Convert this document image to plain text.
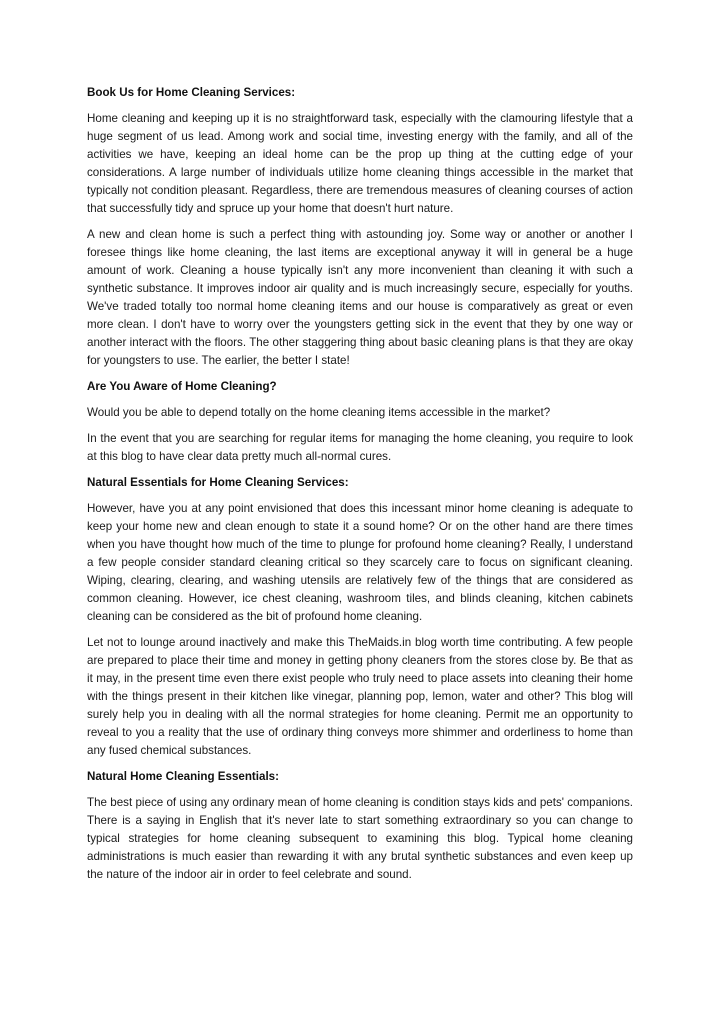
Book Us for Home Cleaning Services:

Home cleaning and keeping up it is no straightforward task, especially with the clamouring lifestyle that a huge segment of us lead. Among work and social time, investing energy with the family, and all of the activities we have, keeping an ideal home can be the prop up thing at the cutting edge of your considerations. A large number of individuals utilize home cleaning things accessible in the market that typically not condition pleasant. Regardless, there are tremendous measures of cleaning courses of action that successfully tidy and spruce up your home that doesn't hurt nature.

A new and clean home is such a perfect thing with astounding joy. Some way or another or another I foresee things like home cleaning, the last items are exceptional anyway it will in general be a huge amount of work. Cleaning a house typically isn't any more inconvenient than cleaning it with such a synthetic substance. It improves indoor air quality and is much increasingly secure, especially for youths. We've traded totally too normal home cleaning items and our house is comparatively as great or even more clean. I don't have to worry over the youngsters getting sick in the event that they by one way or another interact with the floors. The other staggering thing about basic cleaning plans is that they are okay for youngsters to use. The earlier, the better I state!

Are You Aware of Home Cleaning?

Would you be able to depend totally on the home cleaning items accessible in the market?

In the event that you are searching for regular items for managing the home cleaning, you require to look at this blog to have clear data pretty much all-normal cures.

Natural Essentials for Home Cleaning Services:

However, have you at any point envisioned that does this incessant minor home cleaning is adequate to keep your home new and clean enough to state it a sound home? Or on the other hand are there times when you have thought how much of the time to plunge for profound home cleaning? Really, I understand a few people consider standard cleaning critical so they scarcely care to focus on significant cleaning. Wiping, clearing, clearing, and washing utensils are relatively few of the things that are considered as common cleaning. However, ice chest cleaning, washroom tiles, and blinds cleaning, kitchen cabinets cleaning can be considered as the bit of profound home cleaning.

Let not to lounge around inactively and make this TheMaids.in blog worth time contributing. A few people are prepared to place their time and money in getting phony cleaners from the stores close by. Be that as it may, in the present time even there exist people who truly need to place assets into cleaning their home with the things present in their kitchen like vinegar, planning pop, lemon, water and other? This blog will surely help you in dealing with all the normal strategies for home cleaning. Permit me an opportunity to reveal to you a reality that the use of ordinary thing conveys more shimmer and orderliness to home than any fused chemical substances.

Natural Home Cleaning Essentials:

The best piece of using any ordinary mean of home cleaning is condition stays kids and pets' companions. There is a saying in English that it's never late to start something extraordinary so you can change to typical strategies for home cleaning subsequent to examining this blog. Typical home cleaning administrations is much easier than rewarding it with any brutal synthetic substances and even keep up the nature of the indoor air in order to feel celebrate and sound.
